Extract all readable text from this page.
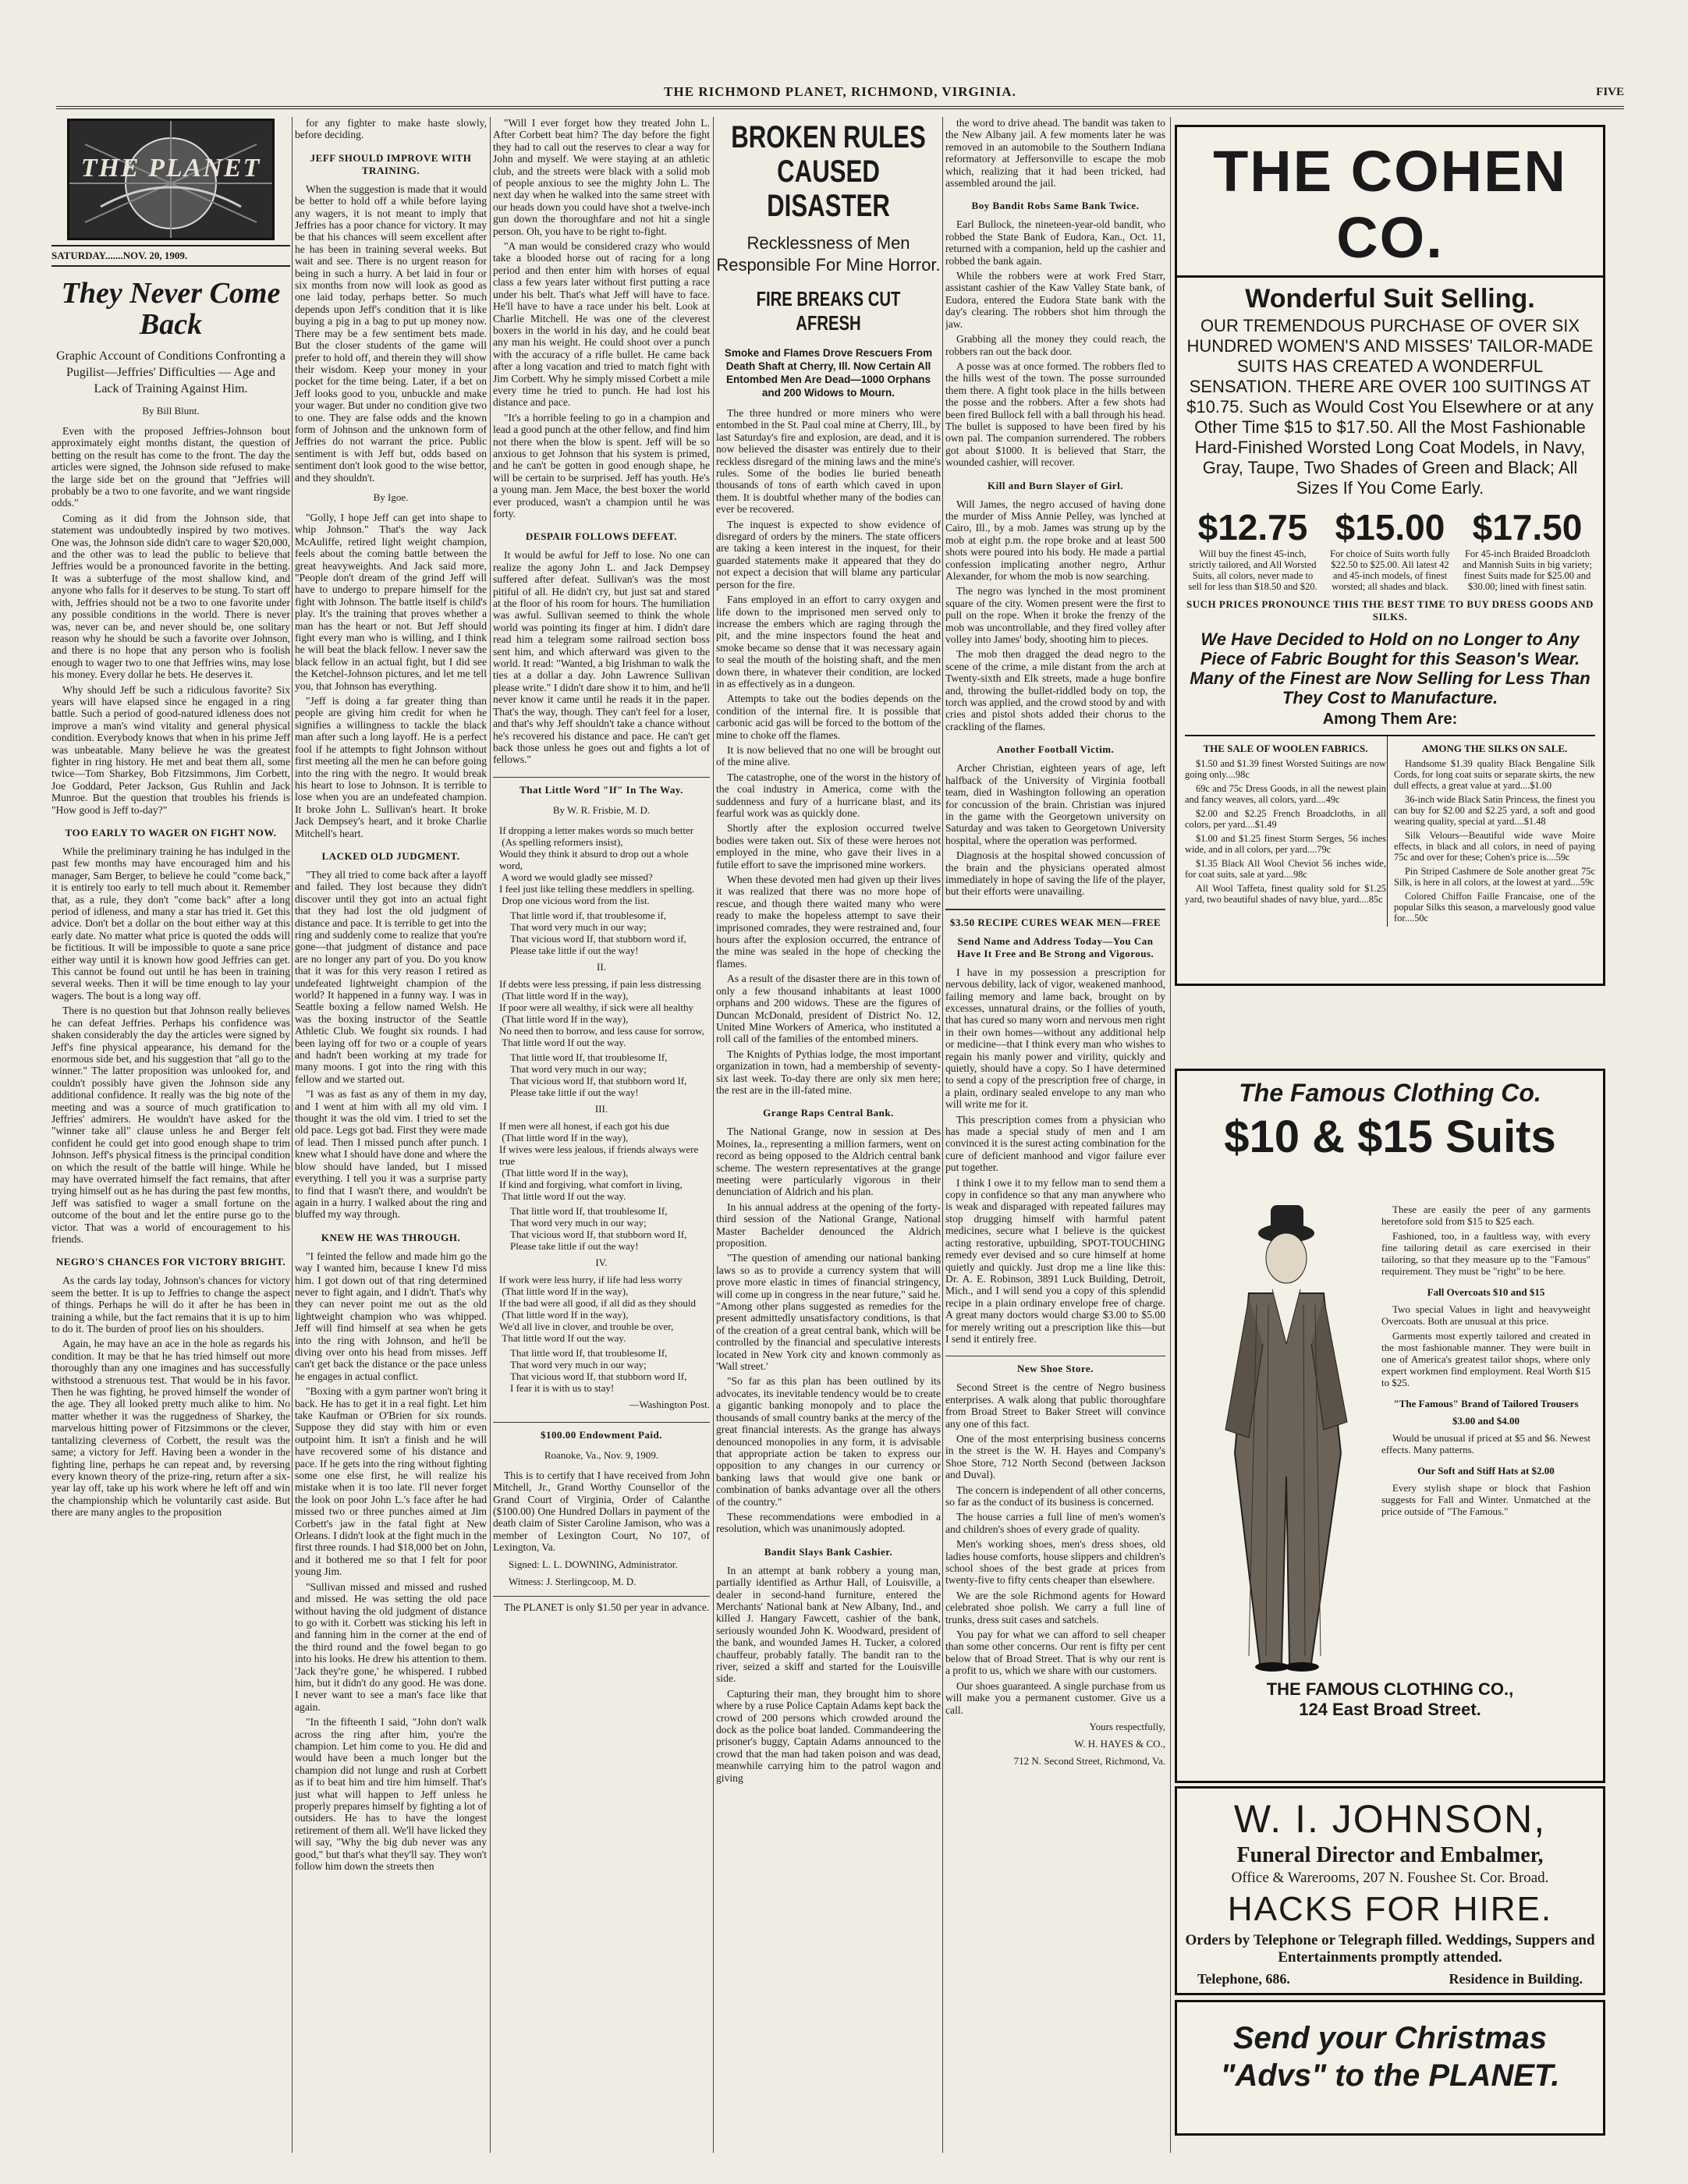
THE RICHMOND PLANET, RICHMOND, VIRGINIA.	FIVE
THE PLANET
SATURDAY.......NOV. 20, 1909.
They Never Come Back
Graphic Account of Conditions Confronting a Pugilist—Jeffries' Difficulties — Age and Lack of Training Against Him.
By Bill Blunt.

Even with the proposed Jeffries-Johnson bout approximately eight months distant, the question of betting on the result has come to the front. The day the articles were signed, the Johnson side refused to make the large side bet on the ground that "Jeffries will probably be a two to one favorite, and we want ringside odds."

Coming as it did from the Johnson side, that statement was undoubtedly inspired by two motives. One was, the Johnson side didn't care to wager $20,000, and the other was to lead the public to believe that Jeffries would be a pronounced favorite in the betting. It was a subterfuge of the most shallow kind, and anyone who falls for it deserves to be stung. To start off with, Jeffries should not be a two to one favorite under any possible conditions in the world. There is never was, never can be, and never should be, one solitary reason why he should be such a favorite over Johnson, and there is no hope that any person who is foolish enough to wager two to one that Jeffries wins, may lose his money. Every dollar he bets. He deserves it.

Why should Jeff be such a ridiculous favorite? Six years will have elapsed since he engaged in a ring battle. Such a period of good-natured idleness does not improve a man's wind vitality and general physical condition. Everybody knows that when in his prime Jeff was unbeatable. Many believe he was the greatest fighter in ring history. He met and beat them all, some twice—Tom Sharkey, Bob Fitzsimmons, Jim Corbett, Joe Goddard, Peter Jackson, Gus Ruhlin and Jack Munroe. But the question that troubles his friends is "How good is Jeff to-day?"

TOO EARLY TO WAGER ON FIGHT NOW.

While the preliminary training he has indulged in the past few months may have encouraged him and his manager, Sam Berger, to believe he could "come back," it is entirely too early to tell much about it. Remember that, as a rule, they don't "come back" after a long period of idleness, and many a star has tried it. Get this advice. Don't bet a dollar on the bout either way at this early date. No matter what price is quoted the odds will be fictitious. It will be impossible to quote a sane price either way until it is known how good Jeffries can get. This cannot be found out until he has been in training several weeks. Then it will be time enough to lay your wagers. The bout is a long way off.

There is no question but that Johnson really believes he can defeat Jeffries. Perhaps his confidence was shaken considerably the day the articles were signed by Jeff's fine physical appearance, his demand for the enormous side bet, and his suggestion that "all go to the winner." The latter proposition was unlooked for, and couldn't possibly have given the Johnson side any additional confidence. It really was the big note of the meeting and was a source of much gratification to Jeffries' admirers. He wouldn't have asked for the "winner take all" clause unless he and Berger felt confident he could get into good enough shape to trim Johnson. Jeff's physical fitness is the principal condition on which the result of the battle will hinge. While he may have overrated himself the fact remains, that after trying himself out as he has during the past few months, Jeff was satisfied to wager a small fortune on the outcome of the bout and let the entire purse go to the victor. That was a world of encouragement to his friends.

NEGRO'S CHANCES FOR VICTORY BRIGHT.

As the cards lay today, Johnson's chances for victory seem the better. It is up to Jeffries to change the aspect of things. Perhaps he will do it after he has been in training a while, but the fact remains that it is up to him to do it. The burden of proof lies on his shoulders.

Again, he may have an ace in the hole as regards his condition. It may be that he has tried himself out more thoroughly than any one imagines and has successfully withstood a strenuous test. That would be in his favor. Then he was fighting, he proved himself the wonder of the age. They all looked pretty much alike to him. No matter whether it was the ruggedness of Sharkey, the marvelous hitting power of Fitzsimmons or the clever, tantalizing cleverness of Corbett, the result was the same; a victory for Jeff. Having been a wonder in the fighting line, perhaps he can repeat and, by reversing every known theory of the prize-ring, return after a six-year lay off, take up his work where he left off and win the championship which he voluntarily cast aside. But there are many angles to the proposition

for any fighter to make haste slowly, before deciding.

JEFF SHOULD IMPROVE WITH TRAINING.

When the suggestion is made that it would be better to hold off a while before laying any wagers, it is not meant to imply that Jeffries has a poor chance for victory. It may be that his chances will seem excellent after he has been in training several weeks. But wait and see. There is no urgent reason for being in such a hurry. A bet laid in four or six months from now will look as good as one laid today, perhaps better. So much depends upon Jeff's condition that it is like buying a pig in a bag to put up money now. There may be a few sentiment bets made. But the closer students of the game will prefer to hold off, and therein they will show their wisdom. Keep your money in your pocket for the time being. Later, if a bet on Jeff looks good to you, unbuckle and make your wager. But under no condition give two to one. They are false odds and the known form of Johnson and the unknown form of Jeffries do not warrant the price. Public sentiment is with Jeff but, odds based on sentiment don't look good to the wise bettor, and they shouldn't.

By Igoe.

"Golly, I hope Jeff can get into shape to whip Johnson." That's the way Jack McAuliffe, retired light weight champion, feels about the coming battle between the great heavyweights. And Jack said more, "People don't dream of the grind Jeff will have to undergo to prepare himself for the fight with Johnson. The battle itself is child's play. It's the training that proves whether a man has the heart or not. But Jeff should fight every man who is willing, and I think he will beat the black fellow. I never saw the black fellow in an actual fight, but I did see the Ketchel-Johnson pictures, and let me tell you, that Johnson has everything.

"Jeff is doing a far greater thing than people are giving him credit for when he signifies a willingness to tackle the black man after such a long layoff. He is a perfect fool if he attempts to fight Johnson without first meeting all the men he can before going into the ring with the negro. It would break his heart to lose to Johnson. It is terrible to lose when you are an undefeated champion. It broke John L. Sullivan's heart. It broke Jack Dempsey's heart, and it broke Charlie Mitchell's heart.

LACKED OLD JUDGMENT.

"They all tried to come back after a layoff and failed. They lost because they didn't discover until they got into an actual fight that they had lost the old judgment of distance and pace. It is terrible to get into the ring and suddenly come to realize that you're gone—that judgment of distance and pace are no longer any part of you. Do you know that it was for this very reason I retired as undefeated lightweight champion of the world? It happened in a funny way. I was in Seattle boxing a fellow named Welsh. He was the boxing instructor of the Seattle Athletic Club. We fought six rounds. I had been laying off for two or a couple of years and hadn't been working at my trade for many moons. I got into the ring with this fellow and we started out.

"I was as fast as any of them in my day, and I went at him with all my old vim. I thought it was the old vim. I tried to set the old pace. Legs got bad. First they were made of lead. Then I missed punch after punch. I knew what I should have done and where the blow should have landed, but I missed everything. I tell you it was a surprise party to find that I wasn't there, and wouldn't be again in a hurry. I walked about the ring and bluffed my way through.

KNEW HE WAS THROUGH.

"I feinted the fellow and made him go the way I wanted him, because I knew I'd miss him. I got down out of that ring determined never to fight again, and I didn't. That's why they can never point me out as the old lightweight champion who was whipped. Jeff will find himself at sea when he gets into the ring with Johnson, and he'll be diving over onto his head from misses. Jeff can't get back the distance or the pace unless he engages in actual conflict.

"Boxing with a gym partner won't bring it back. He has to get it in a real fight. Let him take Kaufman or O'Brien for six rounds. Suppose they did stay with him or even outpoint him. It isn't a finish and he will have recovered some of his distance and pace. If he gets into the ring without fighting some one else first, he will realize his mistake when it is too late. I'll never forget the look on poor John L.'s face after he had missed two or three punches aimed at Jim Corbett's jaw in the fatal fight at New Orleans. I didn't look at the fight much in the first three rounds. I had $18,000 bet on John, and it bothered me so that I felt for poor young Jim.

"Sullivan missed and missed and rushed and missed. He was setting the old pace without having the old judgment of distance to go with it. Corbett was sticking his left in and fanning him in the corner at the end of the third round and the fowel began to go into his looks. He drew his attention to them. 'Jack they're gone,' he whispered. I rubbed him, but it didn't do any good. He was done. I never want to see a man's face like that again.

"In the fifteenth I said, "John don't walk across the ring after him, you're the champion. Let him come to you. He did and would have been a much longer but the champion did not lunge and rush at Corbett as if to beat him and tire him himself. That's just what will happen to Jeff unless he properly prepares himself by fighting a lot of outsiders. He has to have the longest retirement of them all. We'll have licked they will say, "Why the big dub never was any good," but that's what they'll say. They won't follow him down the streets then

"Will I ever forget how they treated John L. After Corbett beat him? The day before the fight they had to call out the reserves to clear a way for John and myself. We were staying at an athletic club, and the streets were black with a solid mob of people anxious to see the mighty John L. The next day when he walked into the same street with our heads down you could have shot a twelve-inch gun down the thoroughfare and not hit a single person. Oh, you have to be right to-fight.

"A man would be considered crazy who would take a blooded horse out of racing for a long period and then enter him with horses of equal class a few years later without first putting a race under his belt. That's what Jeff will have to face. He'll have to have a race under his belt. Look at Charlie Mitchell. He was one of the cleverest boxers in the world in his day, and he could beat any man his weight. He could shoot over a punch with the accuracy of a rifle bullet. He came back after a long vacation and tried to match fight with Jim Corbett. Why he simply missed Corbett a mile every time he tried to punch. He had lost his distance and pace.

"It's a horrible feeling to go in a champion and lead a good punch at the other fellow, and find him not there when the blow is spent. Jeff will be so anxious to get Johnson that his system is primed, and he can't be gotten in good enough shape, he will be certain to be surprised. Jeff has youth. He's a young man. Jem Mace, the best boxer the world ever produced, wasn't a champion until he was forty.

DESPAIR FOLLOWS DEFEAT.

It would be awful for Jeff to lose. No one can realize the agony John L. and Jack Dempsey suffered after defeat. Sullivan's was the most pitiful of all. He didn't cry, but just sat and stared at the floor of his room for hours. The humiliation was awful. Sullivan seemed to think the whole world was pointing its finger at him. I didn't dare read him a telegram some railroad section boss sent him, and which afterward was given to the world. It read: "Wanted, a big Irishman to walk the ties at a dollar a day. John Lawrence Sullivan please write." I didn't dare show it to him, and he'll never know it came until he reads it in the paper. That's the way, though. They can't feel for a loser, and that's why Jeff shouldn't take a chance without he's recovered his distance and pace. He can't get back those unless he goes out and fights a lot of fellows."

That Little Word "If" In The Way.
By W. R. Frisbie, M. D.
If dropping a letter makes words so much better
(As spelling reformers insist),
Would they think it absurd to drop out a whole word,
A word we would gladly see missed?
I feel just like telling these meddlers in spelling.
Drop one vicious word from the list.
That little word if, that troublesome if,
That word very much in our way;
That vicious word If, that stubborn word if,
Please take little if out the way!
II.
If debts were less pressing, if pain less distressing
(That little word If in the way),
If poor were all wealthy, if sick were all healthy
(That little word If in the way),
No need then to borrow, and less cause for sorrow,
That little word If out the way.
That little word If, that troublesome If,
That word very much in our way;
That vicious word If, that stubborn word If,
Please take little if out the way!
III.
If men were all honest, if each got his due
(That little word If in the way),
If wives were less jealous, if friends always were true
(That little word If in the way),
If kind and forgiving, what comfort in living,
That little word If out the way.
That little word If, that troublesome If,
That word very much in our way;
That vicious word If, that stubborn word If,
Please take little if out the way!
IV.
If work were less hurry, if life had less worry
(That little word If in the way),
If the bad were all good, if all did as they should
(That little word If in the way),
We'd all live in clover, and trouble be over,
That little word If out the way.
That little word If, that troublesome If,
That word very much in our way;
That vicious word If, that stubborn word If,
I fear it is with us to stay!
—Washington Post.
$100.00 Endowment Paid.
Roanoke, Va., Nov. 9, 1909.

This is to certify that I have received from John Mitchell, Jr., Grand Worthy Counsellor of the Grand Court of Virginia, Order of Calanthe ($100.00) One Hundred Dollars in payment of the death claim of Sister Caroline Jamison, who was a member of Lexington Court, No 107, of Lexington, Va.

Signed: L. L. DOWNING, Administrator.
Witness: J. Sterlingcoop, M. D.

The PLANET is only $1.50 per year in advance.

BROKEN RULES CAUSED DISASTER
Recklessness of Men Responsible For Mine Horror.
FIRE BREAKS CUT AFRESH
Smoke and Flames Drove Rescuers From Death Shaft at Cherry, Ill. Now Certain All Entombed Men Are Dead—1000 Orphans and 200 Widows to Mourn.

The three hundred or more miners who were entombed in the St. Paul coal mine at Cherry, Ill., by last Saturday's fire and explosion, are dead, and it is now believed the disaster was entirely due to their reckless disregard of the mining laws and the mine's rules. Some of the bodies lie buried beneath thousands of tons of earth which caved in upon them. It is doubtful whether many of the bodies can ever be recovered.

The inquest is expected to show evidence of disregard of orders by the miners. The state officers are taking a keen interest in the inquest, for their guarded statements make it appeared that they do not expect a decision that will blame any particular person for the fire.

Fans employed in an effort to carry oxygen and life down to the imprisoned men served only to increase the embers which are raging through the pit, and the mine inspectors found the heat and smoke became so dense that it was necessary again to seal the mouth of the hoisting shaft, and the men down there, in whatever their condition, are locked in as effectively as in a dungeon.

Attempts to take out the bodies depends on the condition of the internal fire. It is possible that carbonic acid gas will be forced to the bottom of the mine to choke off the flames.

It is now believed that no one will be brought out of the mine alive.

The catastrophe, one of the worst in the history of the coal industry in America, come with the suddenness and fury of a hurricane blast, and its fearful work was as quickly done.

Shortly after the explosion occurred twelve bodies were taken out. Six of these were heroes not employed in the mine, who gave their lives in a futile effort to save the imprisoned mine workers.

When these devoted men had given up their lives it was realized that there was no more hope of rescue, and though there waited many who were ready to make the hopeless attempt to save their imprisoned comrades, they were restrained and, four hours after the explosion occurred, the entrance of the mine was sealed in the hope of checking the flames.

As a result of the disaster there are in this town of only a few thousand inhabitants at least 1000 orphans and 200 widows. These are the figures of Duncan McDonald, president of District No. 12, United Mine Workers of America, who instituted a roll call of the families of the entombed miners.

The Knights of Pythias lodge, the most important organization in town, had a membership of seventy-six last week. To-day there are only six men here; the rest are in the ill-fated mine.

Grange Raps Central Bank.

The National Grange, now in session at Des Moines, Ia., representing a million farmers, went on record as being opposed to the Aldrich central bank scheme. The western representatives at the grange meeting were particularly vigorous in their denunciation of Aldrich and his plan.

In his annual address at the opening of the forty-third session of the National Grange, National Master Bachelder denounced the Aldrich proposition.

"The question of amending our national banking laws so as to provide a currency system that will prove more elastic in times of financial stringency, will come up in congress in the near future," said he. "Among other plans suggested as remedies for the present admittedly unsatisfactory conditions, is that of the creation of a great central bank, which will be controlled by the financial and speculative interests located in New York city and known commonly as 'Wall street.'

"So far as this plan has been outlined by its advocates, its inevitable tendency would be to create a gigantic banking monopoly and to place the thousands of small country banks at the mercy of the great financial interests. As the grange has always denounced monopolies in any form, it is advisable that appropriate action be taken to express our opposition to any changes in our currency or banking laws that would give one bank or combination of banks advantage over all the others of the country."

These recommendations were embodied in a resolution, which was unanimously adopted.

Bandit Slays Bank Cashier.

In an attempt at bank robbery a young man, partially identified as Arthur Hall, of Louisville, a dealer in second-hand furniture, entered the Merchants' National bank at New Albany, Ind., and killed J. Hangary Fawcett, cashier of the bank, seriously wounded John K. Woodward, president of the bank, and wounded James H. Tucker, a colored chauffeur, probably fatally. The bandit ran to the river, seized a skiff and started for the Louisville side.

Capturing their man, they brought him to shore where by a ruse Police Captain Adams kept back the crowd of 200 persons which crowded around the dock as the police boat landed. Commandeering the prisoner's buggy, Captain Adams announced to the crowd that the man had taken poison and was dead, meanwhile carrying him to the patrol wagon and giving

the word to drive ahead. The bandit was taken to the New Albany jail. A few moments later he was removed in an automobile to the Southern Indiana reformatory at Jeffersonville to escape the mob which, realizing that it had been tricked, had assembled around the jail.

Boy Bandit Robs Same Bank Twice.

Earl Bullock, the nineteen-year-old bandit, who robbed the State Bank of Eudora, Kan., Oct. 11, returned with a companion, held up the cashier and robbed the bank again.

While the robbers were at work Fred Starr, assistant cashier of the Kaw Valley State bank, of Eudora, entered the Eudora State bank with the day's clearing. The robbers shot him through the jaw.

Grabbing all the money they could reach, the robbers ran out the back door.

A posse was at once formed. The robbers fled to the hills west of the town. The posse surrounded them there. A fight took place in the hills between the posse and the robbers. After a few shots had been fired Bullock fell with a ball through his head. The bullet is supposed to have been fired by his own pal. The companion surrendered. The robbers got about $1000. It is believed that Starr, the wounded cashier, will recover.

Kill and Burn Slayer of Girl.

Will James, the negro accused of having done the murder of Miss Annie Pelley, was lynched at Cairo, Ill., by a mob. James was strung up by the mob at eight p.m. the rope broke and at least 500 shots were poured into his body. He made a partial confession implicating another negro, Arthur Alexander, for whom the mob is now searching.

The negro was lynched in the most prominent square of the city. Women present were the first to pull on the rope. When it broke the frenzy of the mob was uncontrollable, and they fired volley after volley into James' body, shooting him to pieces.

The mob then dragged the dead negro to the scene of the crime, a mile distant from the arch at Twenty-sixth and Elk streets, made a huge bonfire and, throwing the bullet-riddled body on top, the torch was applied, and the crowd stood by and with cries and pistol shots added their chorus to the crackling of the flames.

Another Football Victim.

Archer Christian, eighteen years of age, left halfback of the University of Virginia football team, died in Washington following an operation for concussion of the brain. Christian was injured in the game with the Georgetown university on Saturday and was taken to Georgetown University hospital, where the operation was performed.

Diagnosis at the hospital showed concussion of the brain and the physicians operated almost immediately in hope of saving the life of the player, but their efforts were unavailing.

$3.50 RECIPE CURES WEAK MEN—FREE
Send Name and Address Today—You Can Have It Free and Be Strong and Vigorous.

I have in my possession a prescription for nervous debility, lack of vigor, weakened manhood, failing memory and lame back, brought on by excesses, unnatural drains, or the follies of youth, that has cured so many worn and nervous men right in their own homes—without any additional help or medicine—that I think every man who wishes to regain his manly power and virility, quickly and quietly, should have a copy. So I have determined to send a copy of the prescription free of charge, in a plain, ordinary sealed envelope to any man who will write me for it.

This prescription comes from a physician who has made a special study of men and I am convinced it is the surest acting combination for the cure of deficient manhood and vigor failure ever put together.

I think I owe it to my fellow man to send them a copy in confidence so that any man anywhere who is weak and disparaged with repeated failures may stop drugging himself with harmful patent medicines, secure what I believe is the quickest acting restorative, upbuilding, SPOT-TOUCHING remedy ever devised and so cure himself at home quietly and quickly. Just drop me a line like this: Dr. A. E. Robinson, 3891 Luck Building, Detroit, Mich., and I will send you a copy of this splendid recipe in a plain ordinary envelope free of charge. A great many doctors would charge $3.00 to $5.00 for merely writing out a prescription like this—but I send it entirely free.

New Shoe Store.

Second Street is the centre of Negro business enterprises. A walk along that public thoroughfare from Broad Street to Baker Street will convince any one of this fact.

One of the most enterprising business concerns in the street is the W. H. Hayes and Company's Shoe Store, 712 North Second (between Jackson and Duval).

The concern is independent of all other concerns, so far as the conduct of its business is concerned.

The house carries a full line of men's women's and children's shoes of every grade of quality.

Men's working shoes, men's dress shoes, old ladies house comforts, house slippers and children's school shoes of the best grade at prices from twenty-five to fifty cents cheaper than elsewhere.

We are the sole Richmond agents for Howard celebrated shoe polish. We carry a full line of trunks, dress suit cases and satchels.

You pay for what we can afford to sell cheaper than some other concerns. Our rent is fifty per cent below that of Broad Street. That is why our rent is a profit to us, which we share with our customers.

Our shoes guaranteed. A single purchase from us will make you a permanent customer. Give us a call.

Yours respectfully,
W. H. HAYES & CO.,
712 N. Second Street, Richmond, Va.
THE COHEN CO.
Wonderful Suit Selling.
OUR TREMENDOUS PURCHASE OF OVER SIX HUNDRED WOMEN'S AND MISSES' TAILOR-MADE SUITS HAS CREATED A WONDERFUL SENSATION. THERE ARE OVER 100 SUITINGS AT $10.75. Such as Would Cost You Elsewhere or at any Other Time $15 to $17.50. All the Most Fashionable Hard-Finished Worsted Long Coat Models, in Navy, Gray, Taupe, Two Shades of Green and Black; All Sizes If You Come Early.
$12.75
Will buy the finest 45-inch, strictly tailored, and All Worsted Suits, all colors, never made to sell for less than $18.50 and $20.
$15.00
For choice of Suits worth fully $22.50 to $25.00. All latest 42 and 45-inch models, of finest worsted; all shades and black.
$17.50
For 45-inch Braided Broadcloth and Mannish Suits in big variety; finest Suits made for $25.00 and $30.00; lined with finest satin.
SUCH PRICES PRONOUNCE THIS THE BEST TIME TO BUY DRESS GOODS AND SILKS.
We Have Decided to Hold on no Longer to Any Piece of Fabric Bought for this Season's Wear. Many of the Finest are Now Selling for Less Than They Cost to Manufacture.
Among Them Are:
THE SALE OF WOOLEN FABRICS.

$1.50 and $1.39 finest Worsted Suitings are now going only....98c

69c and 75c Dress Goods, in all the newest plain and fancy weaves, all colors, yard....49c

$2.00 and $2.25 French Broadcloths, in all colors, per yard....$1.49

$1.00 and $1.25 finest Storm Serges, 56 inches wide, and in all colors, per yard....79c

$1.35 Black All Wool Cheviot 56 inches wide, for coat suits, sale at yard....98c

All Wool Taffeta, finest quality sold for $1.25 yard, two beautiful shades of navy blue, yard....85c

AMONG THE SILKS ON SALE.

Handsome $1.39 quality Black Bengaline Silk Cords, for long coat suits or separate skirts, the new dull effects, a great value at yard....$1.00

36-inch wide Black Satin Princess, the finest you can buy for $2.00 and $2.25 yard, a soft and good wearing quality, special at yard....$1.48

Silk Velours—Beautiful wide wave Moire effects, in black and all colors, in need of paying 75c and over for these; Cohen's price is....59c

Pin Striped Cashmere de Sole another great 75c Silk, is here in all colors, at the lowest at yard....59c

Colored Chiffon Faille Francaise, one of the popular Silks this season, a marvelously good value for....50c

The Famous Clothing Co.
$10 & $15 Suits

These are easily the peer of any garments heretofore sold from $15 to $25 each.

Fashioned, too, in a faultless way, with every fine tailoring detail as care exercised in their tailoring, so that they measure up to the "Famous" requirement. They must be "right" to be here.

Fall Overcoats $10 and $15

Two special Values in light and heavyweight Overcoats. Both are unusual at this price.

Garments most expertly tailored and created in the most fashionable manner. They were built in one of America's greatest tailor shops, where only expert workmen find employment. Real Worth $15 to $25.

"The Famous" Brand of Tailored Trousers
$3.00 and $4.00

Would be unusual if priced at $5 and $6. Newest effects. Many patterns.

Our Soft and Stiff Hats at $2.00

Every stylish shape or block that Fashion suggests for Fall and Winter. Unmatched at the price outside of "The Famous."

THE FAMOUS CLOTHING CO.,
124 East Broad Street.
W. I. JOHNSON,
Funeral Director and Embalmer,
Office & Warerooms, 207 N. Foushee St. Cor. Broad.
HACKS FOR HIRE.
Orders by Telephone or Telegraph filled. Weddings, Suppers and Entertainments promptly attended.
Telephone, 686.	Residence in Building.
Send your Christmas
"Advs" to the PLANET.
